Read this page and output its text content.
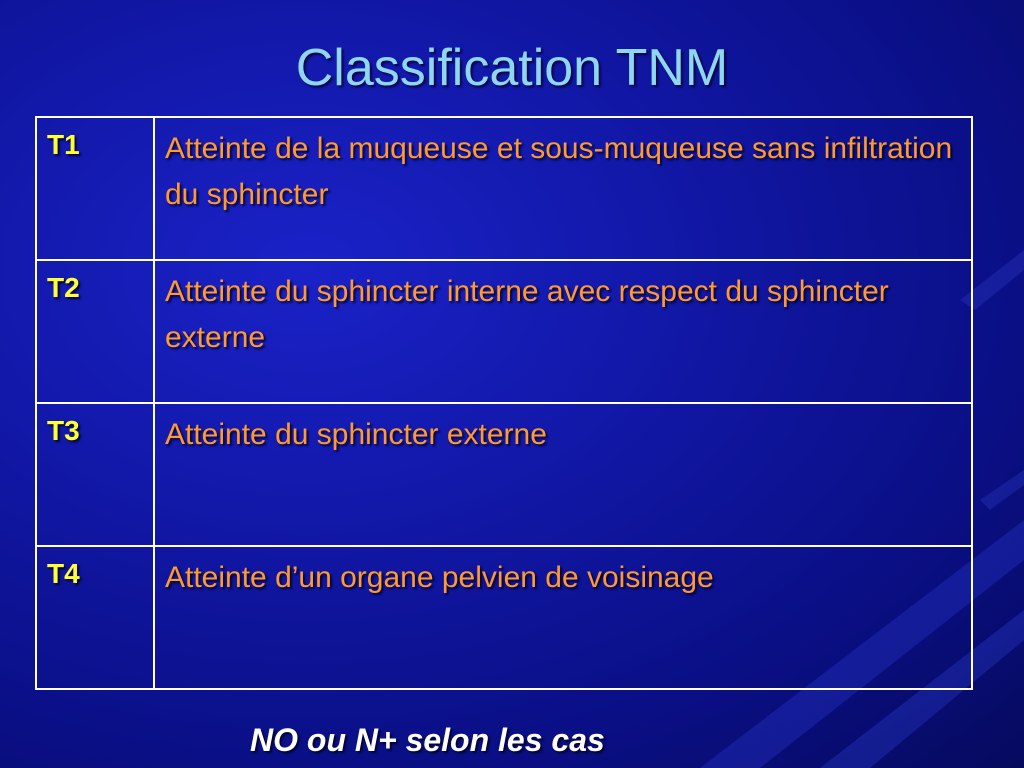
Classification TNM
T1	Atteinte de la muqueuse et sous-muqueuse sans infiltration du sphincter
T2	Atteinte du sphincter interne avec respect du sphincter externe
T3	Atteinte du sphincter externe
T4	Atteinte d’un organe pelvien de voisinage
NO ou N+ selon les cas
